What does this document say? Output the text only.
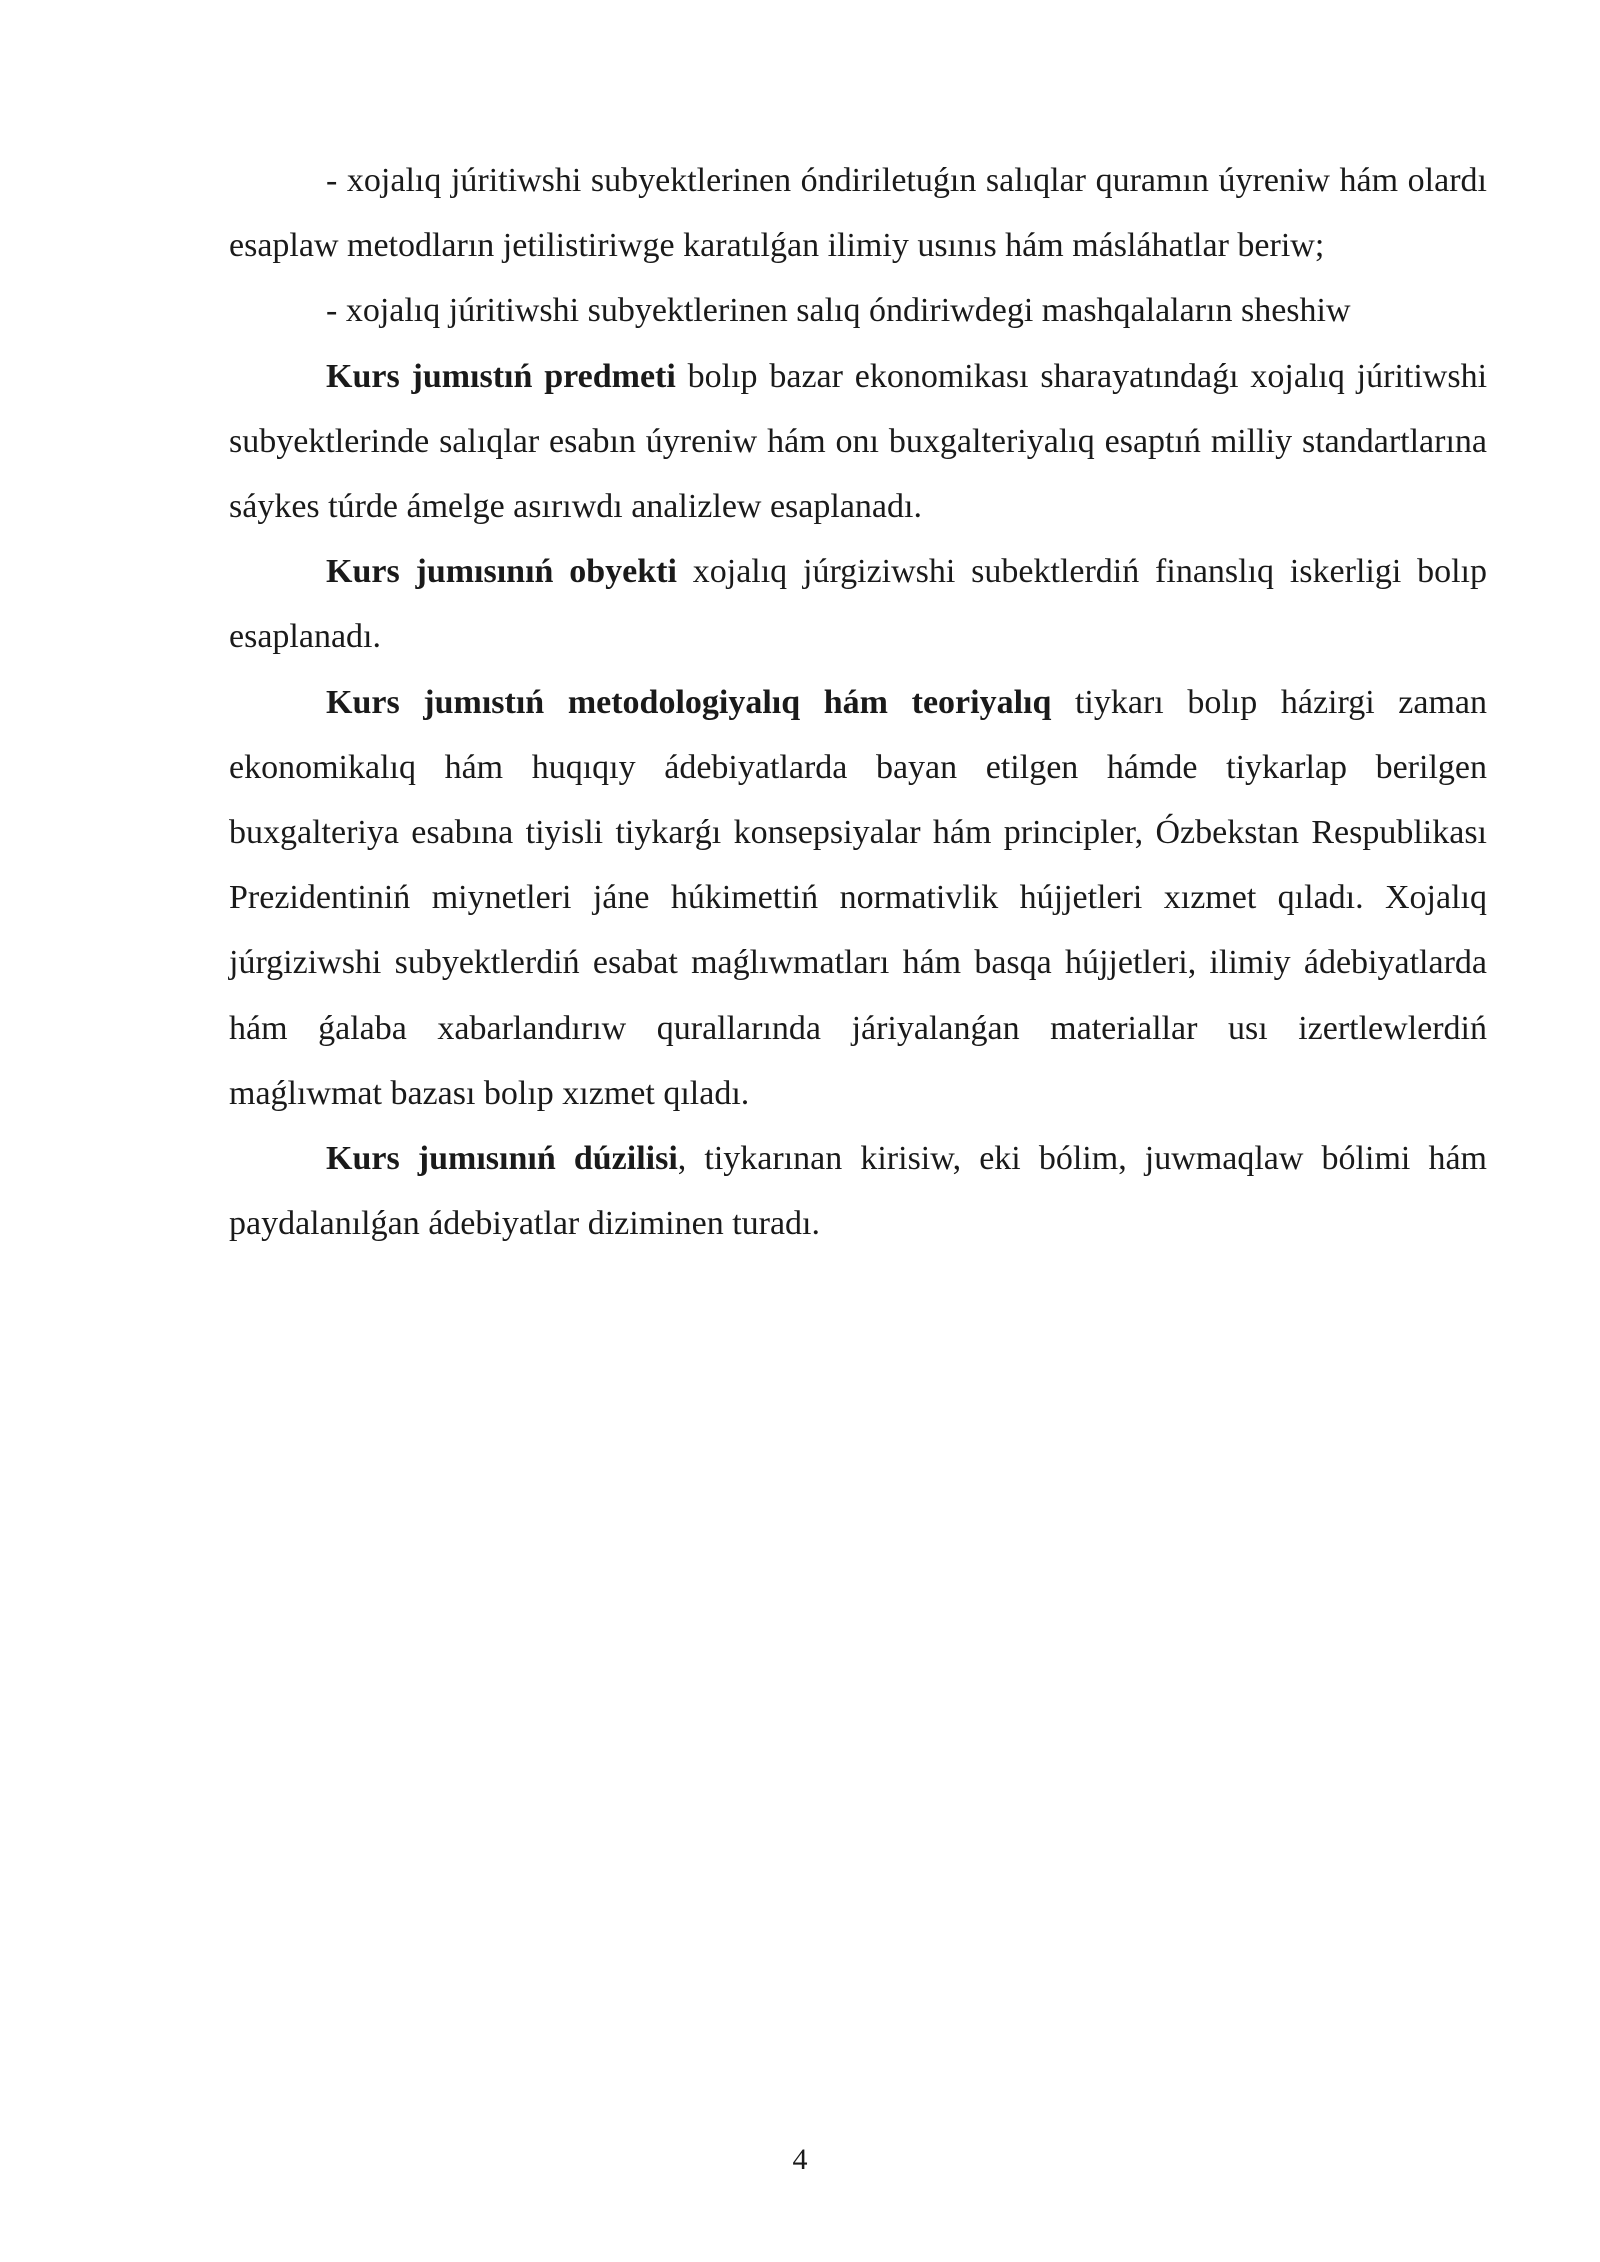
- xojalıq júritiwshi subyektlerinen óndiriletuǵın salıqlar quramın úyreniw hám olardı esaplaw metodların jetilistiriwge karatılǵan ilimiy usınıs hám másláhatlar beriw;

- xojalıq júritiwshi subyektlerinen salıq óndiriwdegi mashqalaların sheshiw

Kurs jumıstıń predmeti bolıp bazar ekonomikası sharayatındaǵı xojalıq júritiwshi subyektlerinde salıqlar esabın úyreniw hám onı buxgalteriyalıq esaptıń milliy standartlarına sáykes túrde ámelge asırıwdı analizlew esaplanadı.

Kurs jumısınıń obyekti xojalıq júrgiziwshi subektlerdiń finanslıq iskerligi bolıp esaplanadı.

Kurs jumıstıń metodologiyalıq hám teoriyalıq tiykarı bolıp házirgi zaman ekonomikalıq hám huqıqıy ádebiyatlarda bayan etilgen hámde tiykarlap berilgen buxgalteriya esabına tiyisli tiykarǵı konsepsiyalar hám principler, Ózbekstan Respublikası Prezidentiniń miynetleri jáne húkimettiń normativlik hújjetleri xızmet qıladı. Xojalıq júrgiziwshi subyektlerdiń esabat maǵlıwmatları hám basqa hújjetleri, ilimiy ádebiyatlarda hám ǵalaba xabarlandırıw qurallarında járiyalanǵan materiallar usı izertlewlerdiń maǵlıwmat bazası bolıp xızmet qıladı.

Kurs jumısınıń dúzilisi, tiykarınan kirisiw, eki bólim, juwmaqlaw bólimi hám paydalanılǵan ádebiyatlar diziminen turadı.

4
